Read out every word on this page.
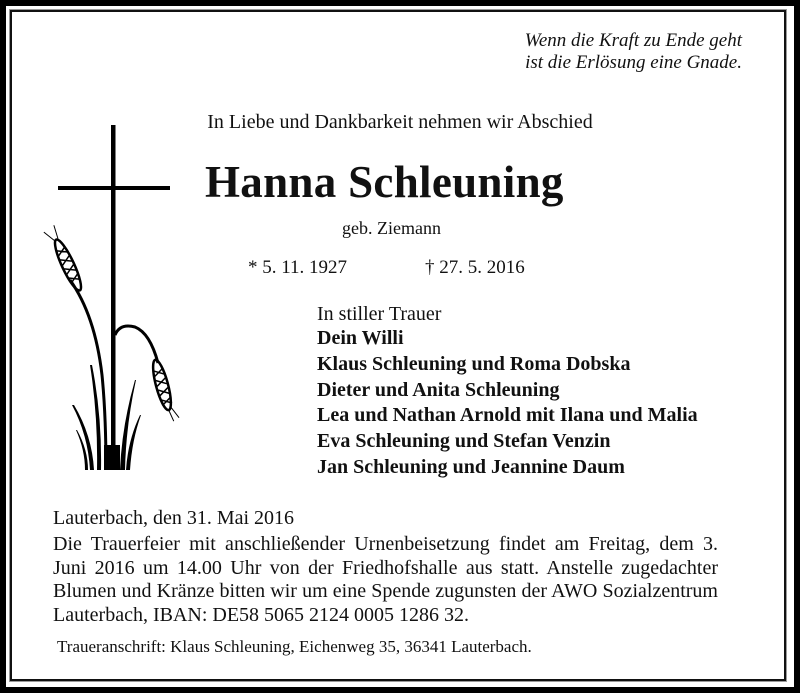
Wenn die Kraft zu Ende geht
ist die Erlösung eine Gnade.
In Liebe und Dankbarkeit nehmen wir Abschied
Hanna Schleuning
geb. Ziemann
* 5. 11. 1927	† 27. 5. 2016
In stiller Trauer
Dein Willi
Klaus Schleuning und Roma Dobska
Dieter und Anita Schleuning
Lea und Nathan Arnold mit Ilana und Malia
Eva Schleuning und Stefan Venzin
Jan Schleuning und Jeannine Daum
Lauterbach, den 31. Mai 2016
Die Trauerfeier mit anschließender Urnenbeisetzung findet am Freitag, dem 3. Juni 2016 um 14.00 Uhr von der Friedhofshalle aus statt. Anstelle zugedachter Blumen und Kränze bitten wir um eine Spende zugunsten der AWO Sozialzentrum Lauterbach, IBAN: DE58 5065 2124 0005 1286 32.
Traueranschrift: Klaus Schleuning, Eichenweg 35, 36341 Lauterbach.
